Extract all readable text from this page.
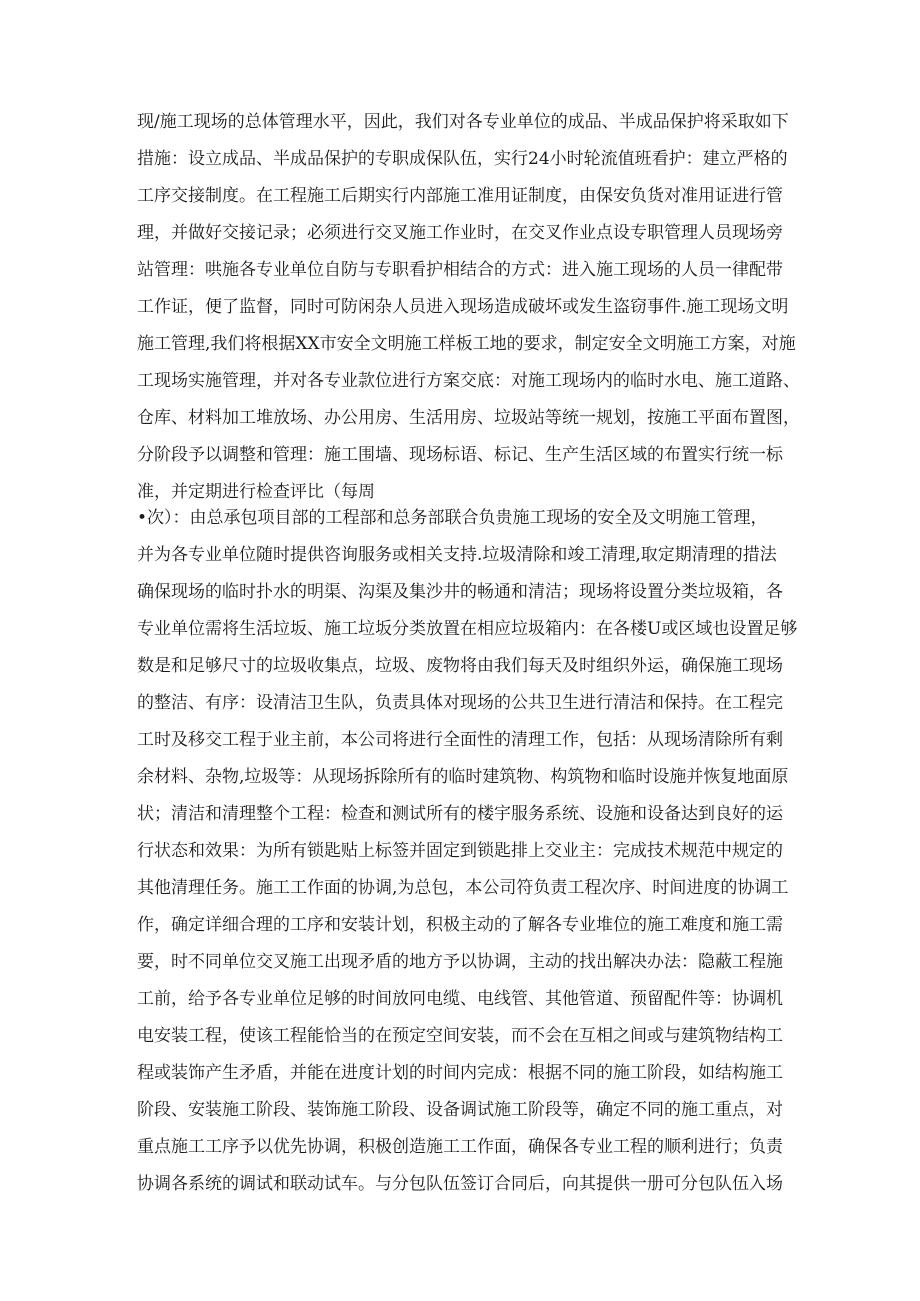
现/施工现场的总体管理水平，因此，我们对各专业单位的成品、半成品保护将采取如下
措施：设立成品、半成品保护的专职成保队伍，实行24小时轮流值班看护：建立严格的
工序交接制度。在工程施工后期实行内部施工准用证制度，由保安负货对准用证进行管
理，并做好交接记录；必须进行交叉施工作业时，在交叉作业点设专职管理人员现场旁
站管理：哄施各专业单位自防与专职看护相结合的方式：进入施工现场的人员一律配带
工作证，便了监督，同时可防闲杂人员进入现场造成破坏或发生盗窃事件.施工现场文明
施工管理,我们将根据XX市安全文明施工样板工地的要求，制定安全文明施工方案，对施
工现场实施管理，并对各专业款位进行方案交底：对施工现场内的临时水电、施工道路、
仓库、材料加工堆放场、办公用房、生活用房、垃圾站等统一规划，按施工平面布置图，
分阶段予以调整和管理：施工围墙、现场标语、标记、生产生活区域的布置实行统一标
准，并定期进行检查评比（每周
•次）：由总承包项目部的工程部和总务部联合负贵施工现场的安全及文明施工管理，
并为各专业单位随时提供咨询服务或相关支持.垃圾清除和竣工清理,取定期清理的措法
确保现场的临时扑水的明渠、沟渠及集沙井的畅通和清洁；现场将设置分类垃圾箱，各
专业单位需将生活垃坂、施工垃坂分类放置在相应垃圾箱内：在各楼U或区域也设置足够
数是和足够尺寸的垃圾收集点，垃圾、废物将由我们每天及时组织外运，确保施工现场
的整洁、有序：设清洁卫生队，负责具体对现场的公共卫生进行清洁和保持。在工程完
工时及移交工程于业主前，本公司将进行全面性的清理工作，包括：从现场清除所有剩
余材料、杂物,垃圾等：从现场拆除所有的临时建筑物、构筑物和临时设施并恢复地面原
状；清洁和清理整个工程：检查和测试所有的楼宇服务系统、设施和设备达到良好的运
行状态和效果：为所有锁匙贴上标签并固定到锁匙排上交业主：完成技术规范中规定的
其他清理任务。施工工作面的协调,为总包，本公司符负责工程次序、时间进度的协调工
作，确定详细合理的工序和安装计划，积极主动的了解各专业堆位的施工难度和施工需
要，时不同单位交叉施工出现矛盾的地方予以协调，主动的找出解决办法：隐蔽工程施
工前，给予各专业单位足够的时间放冋电缆、电线管、其他管道、预留配件等：协调机
电安装工程，使该工程能恰当的在预定空间安装，而不会在互相之间或与建筑物结构工
程或装饰产生矛盾，并能在进度计划的时间内完成：根据不同的施工阶段，如结构施工
阶段、安装施工阶段、装饰施工阶段、设备调试施工阶段等，确定不同的施工重点，对
重点施工工序予以优先协调，积极创造施工工作面，确保各专业工程的顺利进行；负责
协调各系统的调试和联动试车。与分包队伍签订合同后，向其提供一册可分包队伍入场
